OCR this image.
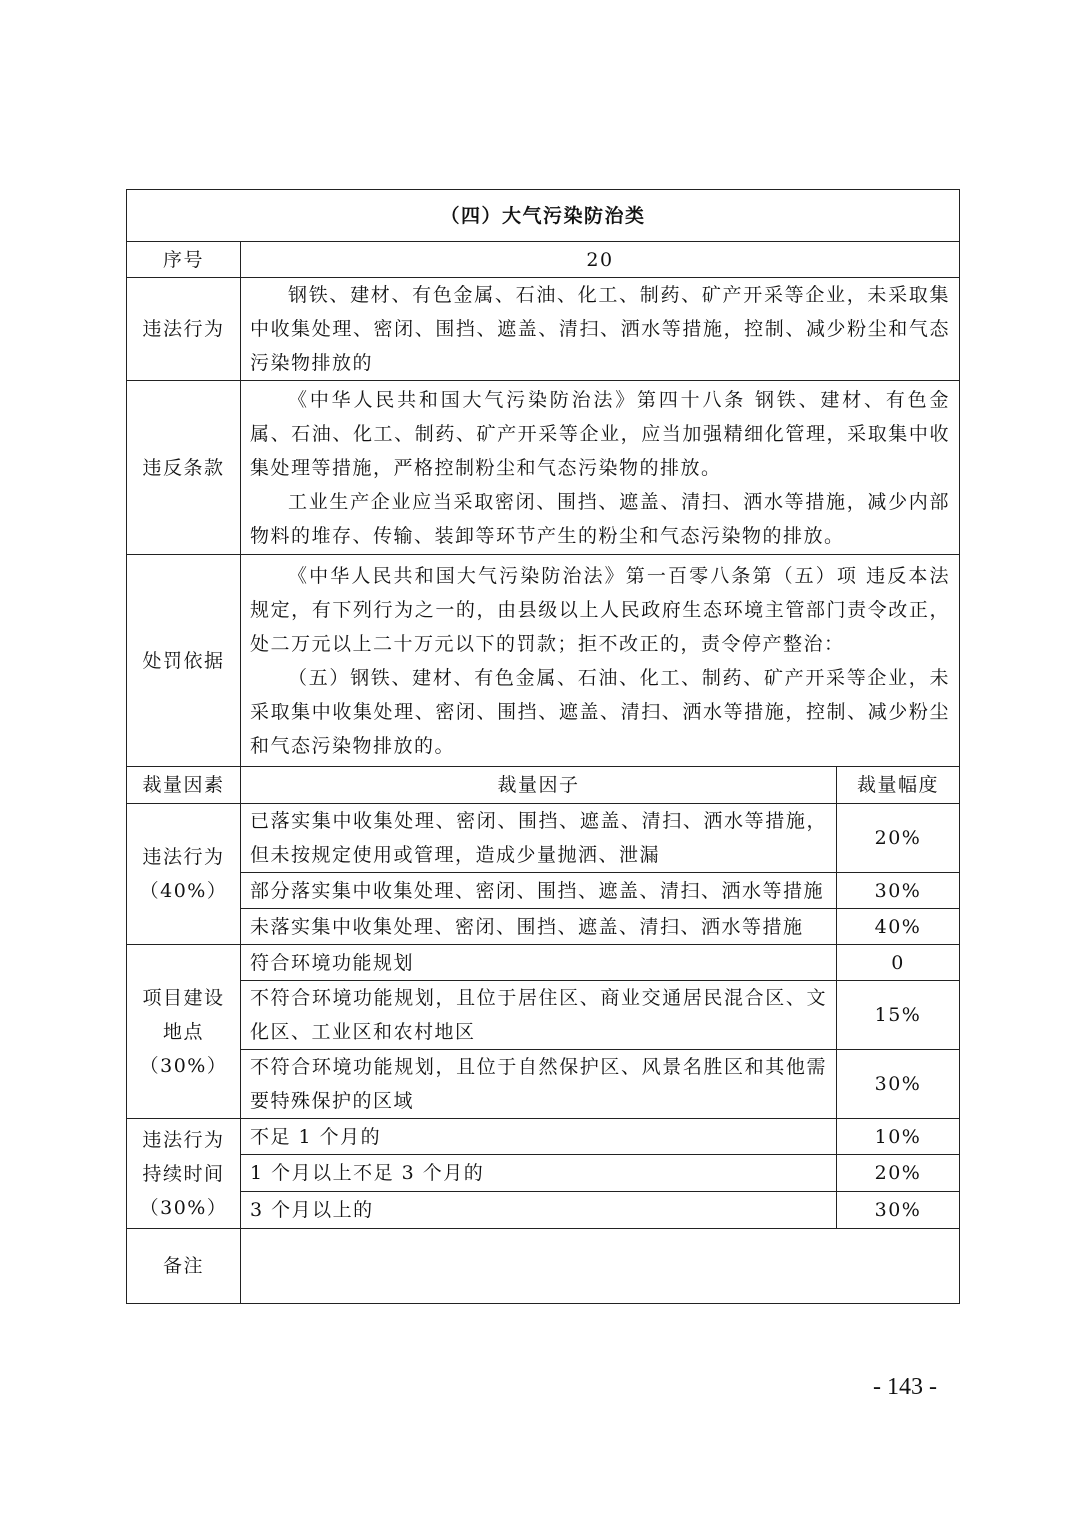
（四）大气污染防治类		
序号	20	
违法行为	钢铁、建材、有色金属、石油、化工、制药、矿产开采等企业，未采取集中收集处理、密闭、围挡、遮盖、清扫、洒水等措施，控制、减少粉尘和气态污染物排放的	

违反条款	《中华人民共和国大气污染防治法》第四十八条 钢铁、建材、有色金属、石油、化工、制药、矿产开采等企业，应当加强精细化管理，采取集中收集处理等措施，严格控制粉尘和气态污染物的排放。
工业生产企业应当采取密闭、围挡、遮盖、清扫、洒水等措施，减少内部物料的堆存、传输、装卸等环节产生的粉尘和气态污染物的排放。	

处罚依据	《中华人民共和国大气污染防治法》第一百零八条第（五）项 违反本法规定，有下列行为之一的，由县级以上人民政府生态环境主管部门责令改正，处二万元以上二十万元以下的罚款；拒不改正的，责令停产整治：
（五）钢铁、建材、有色金属、石油、化工、制药、矿产开采等企业，未采取集中收集处理、密闭、围挡、遮盖、清扫、洒水等措施，控制、减少粉尘和气态污染物排放的。	

裁量因素	裁量因子	裁量幅度

违法行为
（40%）	已落实集中收集处理、密闭、围挡、遮盖、清扫、洒水等措施，但未按规定使用或管理，造成少量抛洒、泄漏	20%
	部分落实集中收集处理、密闭、围挡、遮盖、清扫、洒水等措施	30%
	未落实集中收集处理、密闭、围挡、遮盖、清扫、洒水等措施	40%

项目建设
地点
（30%）	符合环境功能规划	0
	不符合环境功能规划，且位于居住区、商业交通居民混合区、文化区、工业区和农村地区	15%
	不符合环境功能规划，且位于自然保护区、风景名胜区和其他需要特殊保护的区域	30%

违法行为
持续时间
（30%）	不足 1 个月的	10%
	1 个月以上不足 3 个月的	20%
	3 个月以上的	30%
备注		
- 143 -
